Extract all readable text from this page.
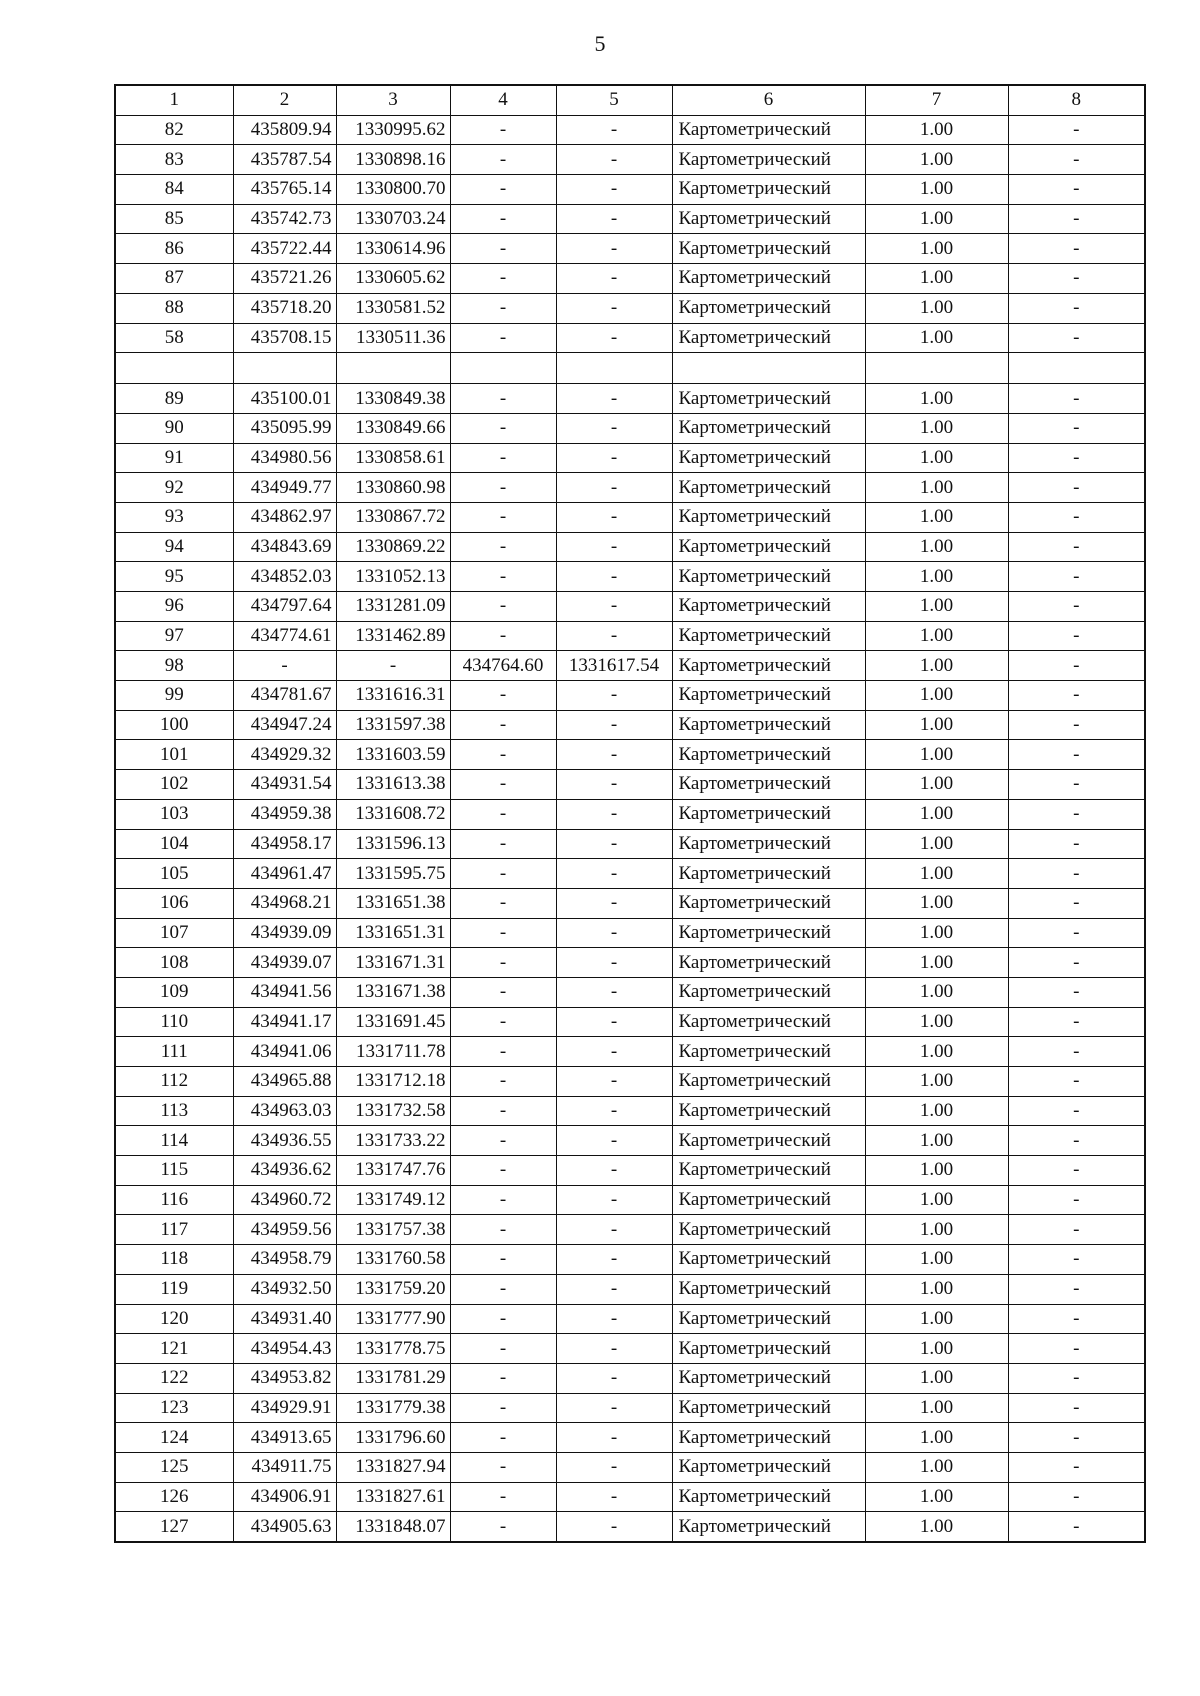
5
1	2	3	4	5	6	7	8
82	435809.94	1330995.62	-	-	Картометрический	1.00	-
83	435787.54	1330898.16	-	-	Картометрический	1.00	-
84	435765.14	1330800.70	-	-	Картометрический	1.00	-
85	435742.73	1330703.24	-	-	Картометрический	1.00	-
86	435722.44	1330614.96	-	-	Картометрический	1.00	-
87	435721.26	1330605.62	-	-	Картометрический	1.00	-
88	435718.20	1330581.52	-	-	Картометрический	1.00	-
58	435708.15	1330511.36	-	-	Картометрический	1.00	-

89	435100.01	1330849.38	-	-	Картометрический	1.00	-
90	435095.99	1330849.66	-	-	Картометрический	1.00	-
91	434980.56	1330858.61	-	-	Картометрический	1.00	-
92	434949.77	1330860.98	-	-	Картометрический	1.00	-
93	434862.97	1330867.72	-	-	Картометрический	1.00	-
94	434843.69	1330869.22	-	-	Картометрический	1.00	-
95	434852.03	1331052.13	-	-	Картометрический	1.00	-
96	434797.64	1331281.09	-	-	Картометрический	1.00	-
97	434774.61	1331462.89	-	-	Картометрический	1.00	-
98	-	-	434764.60	1331617.54	Картометрический	1.00	-
99	434781.67	1331616.31	-	-	Картометрический	1.00	-
100	434947.24	1331597.38	-	-	Картометрический	1.00	-
101	434929.32	1331603.59	-	-	Картометрический	1.00	-
102	434931.54	1331613.38	-	-	Картометрический	1.00	-
103	434959.38	1331608.72	-	-	Картометрический	1.00	-
104	434958.17	1331596.13	-	-	Картометрический	1.00	-
105	434961.47	1331595.75	-	-	Картометрический	1.00	-
106	434968.21	1331651.38	-	-	Картометрический	1.00	-
107	434939.09	1331651.31	-	-	Картометрический	1.00	-
108	434939.07	1331671.31	-	-	Картометрический	1.00	-
109	434941.56	1331671.38	-	-	Картометрический	1.00	-
110	434941.17	1331691.45	-	-	Картометрический	1.00	-
111	434941.06	1331711.78	-	-	Картометрический	1.00	-
112	434965.88	1331712.18	-	-	Картометрический	1.00	-
113	434963.03	1331732.58	-	-	Картометрический	1.00	-
114	434936.55	1331733.22	-	-	Картометрический	1.00	-
115	434936.62	1331747.76	-	-	Картометрический	1.00	-
116	434960.72	1331749.12	-	-	Картометрический	1.00	-
117	434959.56	1331757.38	-	-	Картометрический	1.00	-
118	434958.79	1331760.58	-	-	Картометрический	1.00	-
119	434932.50	1331759.20	-	-	Картометрический	1.00	-
120	434931.40	1331777.90	-	-	Картометрический	1.00	-
121	434954.43	1331778.75	-	-	Картометрический	1.00	-
122	434953.82	1331781.29	-	-	Картометрический	1.00	-
123	434929.91	1331779.38	-	-	Картометрический	1.00	-
124	434913.65	1331796.60	-	-	Картометрический	1.00	-
125	434911.75	1331827.94	-	-	Картометрический	1.00	-
126	434906.91	1331827.61	-	-	Картометрический	1.00	-
127	434905.63	1331848.07	-	-	Картометрический	1.00	-
